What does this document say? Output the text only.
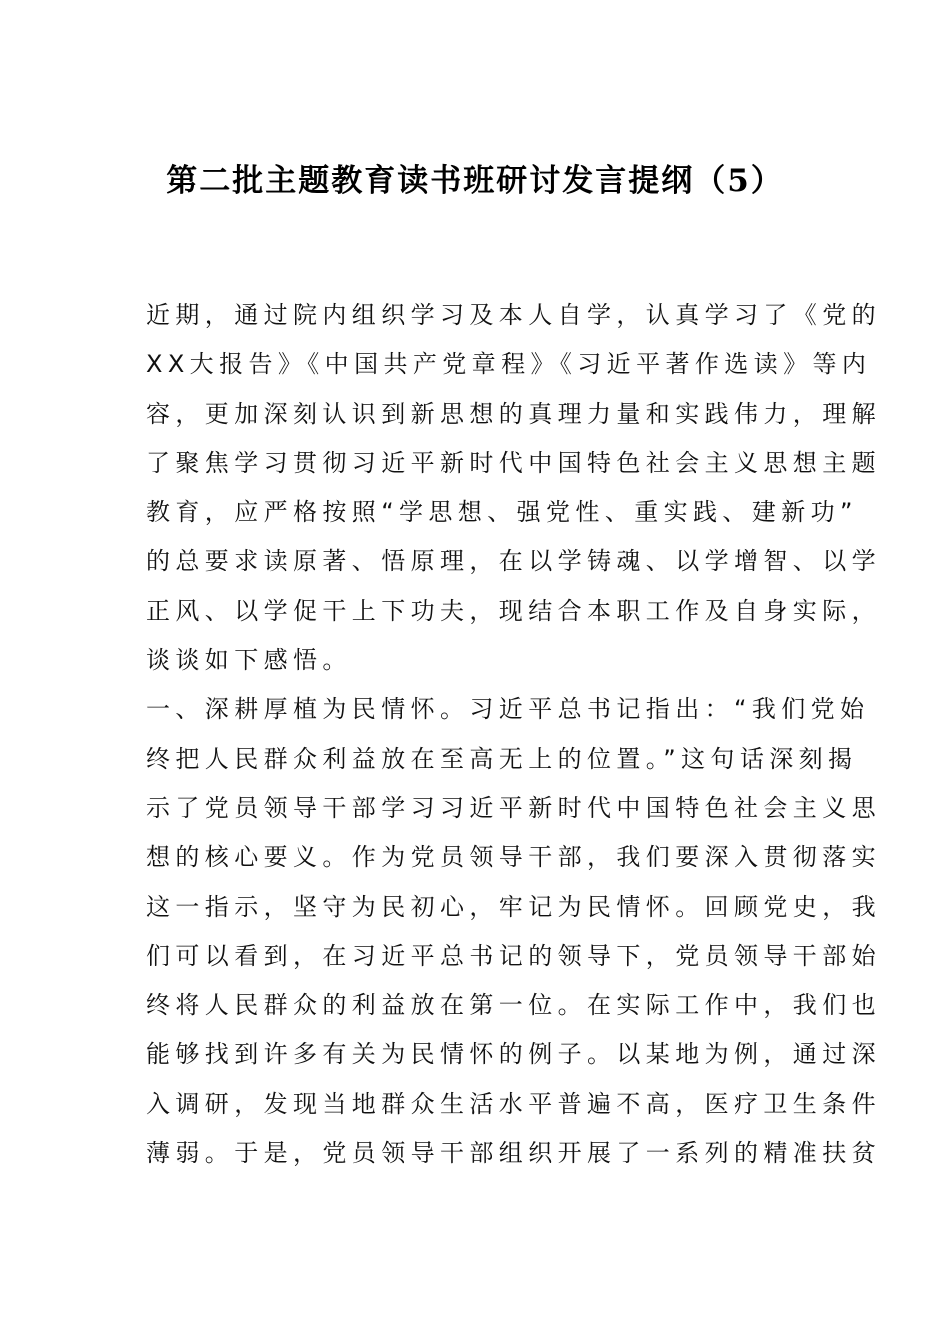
第二批主题教育读书班研讨发言提纲（5）
近期，通过院内组织学习及本人自学，认真学习了《党的
XX大报告》《中国共产党章程》《习近平著作选读》等内
容，更加深刻认识到新思想的真理力量和实践伟力，理解
了聚焦学习贯彻习近平新时代中国特色社会主义思想主题
教育，应严格按照“学思想、强党性、重实践、建新功”
的总要求读原著、悟原理，在以学铸魂、以学增智、以学
正风、以学促干上下功夫，现结合本职工作及自身实际，
谈谈如下感悟。
一、深耕厚植为民情怀。习近平总书记指出：“我们党始
终把人民群众利益放在至高无上的位置。”这句话深刻揭
示了党员领导干部学习习近平新时代中国特色社会主义思
想的核心要义。作为党员领导干部，我们要深入贯彻落实
这一指示，坚守为民初心，牢记为民情怀。回顾党史，我
们可以看到，在习近平总书记的领导下，党员领导干部始
终将人民群众的利益放在第一位。在实际工作中，我们也
能够找到许多有关为民情怀的例子。以某地为例，通过深
入调研，发现当地群众生活水平普遍不高，医疗卫生条件
薄弱。于是，党员领导干部组织开展了一系列的精准扶贫
